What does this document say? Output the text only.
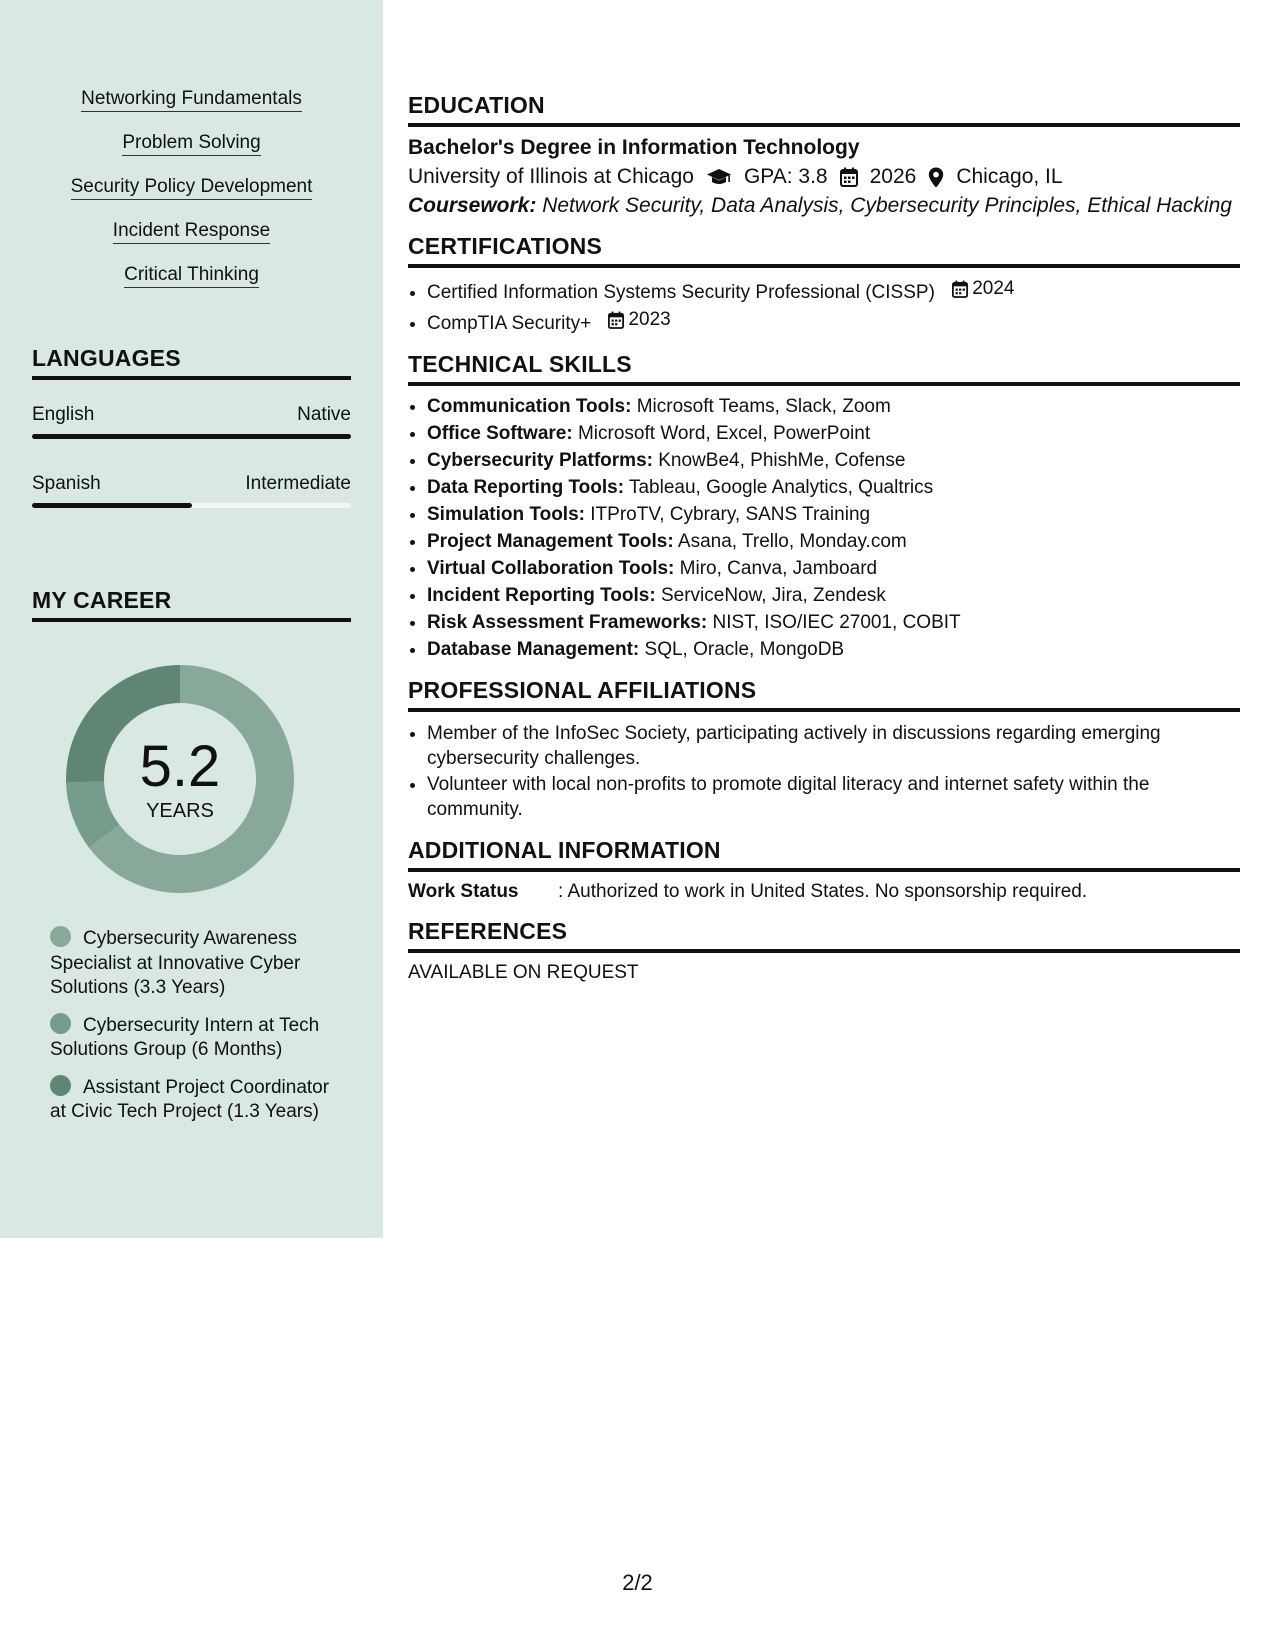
Networking Fundamentals
Problem Solving
Security Policy Development
Incident Response
Critical Thinking
LANGUAGES
English	Native
Spanish	Intermediate
MY CAREER
5.2
YEARS
Cybersecurity Awareness Specialist at Innovative Cyber Solutions (3.3 Years)
Cybersecurity Intern at Tech Solutions Group (6 Months)
Assistant Project Coordinator at Civic Tech Project (1.3 Years)
EDUCATION
Bachelor's Degree in Information Technology
University of Illinois at Chicago GPA: 3.8 2026 Chicago, IL
Coursework: Network Security, Data Analysis, Cybersecurity Principles, Ethical Hacking
CERTIFICATIONS
• Certified Information Systems Security Professional (CISSP) 2024
• CompTIA Security+ 2023
TECHNICAL SKILLS
• Communication Tools: Microsoft Teams, Slack, Zoom
• Office Software: Microsoft Word, Excel, PowerPoint
• Cybersecurity Platforms: KnowBe4, PhishMe, Cofense
• Data Reporting Tools: Tableau, Google Analytics, Qualtrics
• Simulation Tools: ITProTV, Cybrary, SANS Training
• Project Management Tools: Asana, Trello, Monday.com
• Virtual Collaboration Tools: Miro, Canva, Jamboard
• Incident Reporting Tools: ServiceNow, Jira, Zendesk
• Risk Assessment Frameworks: NIST, ISO/IEC 27001, COBIT
• Database Management: SQL, Oracle, MongoDB
PROFESSIONAL AFFILIATIONS
• Member of the InfoSec Society, participating actively in discussions regarding emerging cybersecurity challenges.
• Volunteer with local non-profits to promote digital literacy and internet safety within the community.
ADDITIONAL INFORMATION
Work Status	: Authorized to work in United States. No sponsorship required.
REFERENCES
AVAILABLE ON REQUEST
2/2
